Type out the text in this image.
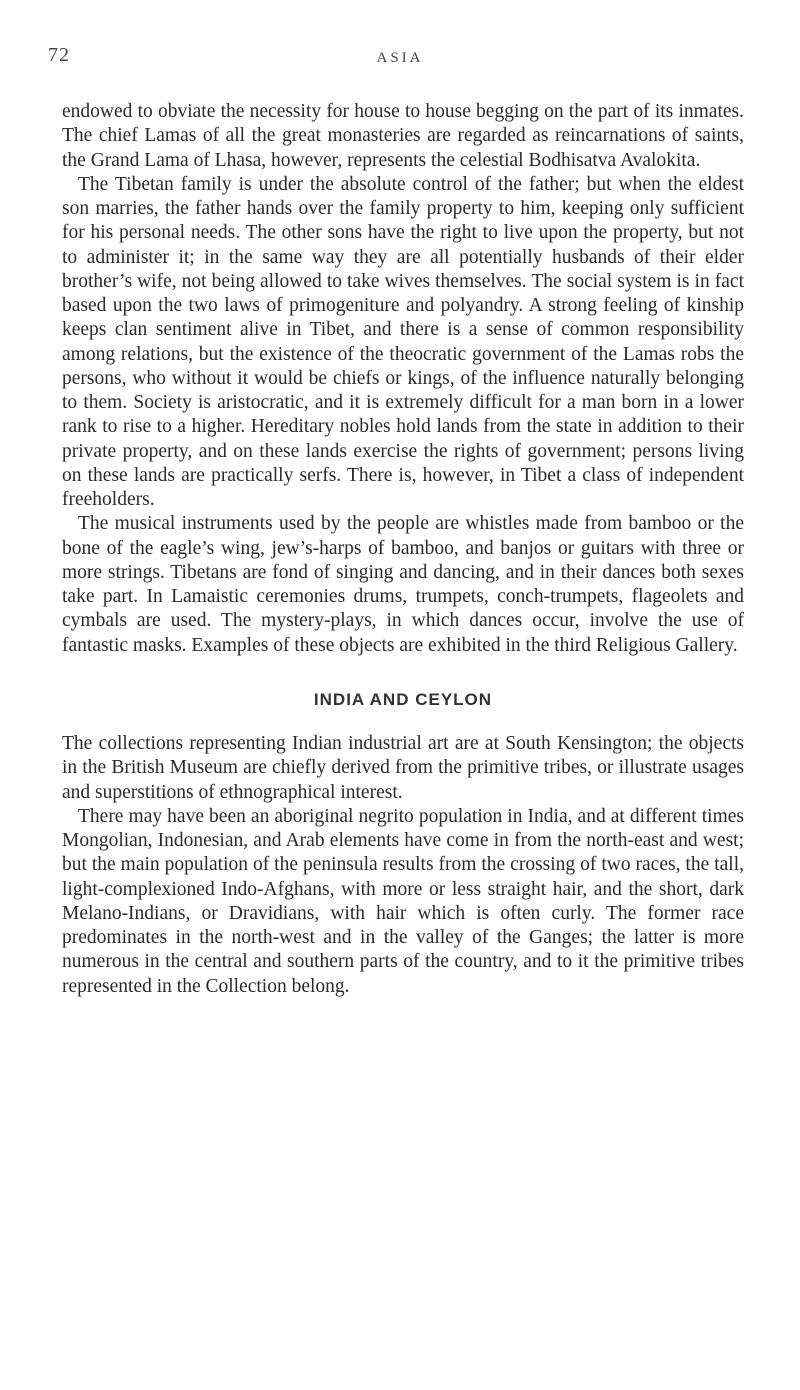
72	ASIA

endowed to obviate the necessity for house to house begging on the part of its inmates. The chief Lamas of all the great monasteries are regarded as reincarnations of saints, the Grand Lama of Lhasa, however, represents the celestial Bodhisatva Avalokita.

The Tibetan family is under the absolute control of the father; but when the eldest son marries, the father hands over the family property to him, keeping only sufficient for his personal needs. The other sons have the right to live upon the property, but not to administer it; in the same way they are all potentially husbands of their elder brother’s wife, not being allowed to take wives themselves. The social system is in fact based upon the two laws of primogeniture and polyandry. A strong feeling of kinship keeps clan sentiment alive in Tibet, and there is a sense of common responsibility among relations, but the existence of the theocratic government of the Lamas robs the persons, who without it would be chiefs or kings, of the influence naturally belonging to them. Society is aristocratic, and it is extremely difficult for a man born in a lower rank to rise to a higher. Hereditary nobles hold lands from the state in addition to their private property, and on these lands exercise the rights of government; persons living on these lands are practically serfs. There is, however, in Tibet a class of independent freeholders.

The musical instruments used by the people are whistles made from bamboo or the bone of the eagle’s wing, jew’s-harps of bamboo, and banjos or guitars with three or more strings. Tibetans are fond of singing and dancing, and in their dances both sexes take part. In Lamaistic ceremonies drums, trumpets, conch-trumpets, flageolets and cymbals are used. The mystery-plays, in which dances occur, involve the use of fantastic masks. Examples of these objects are exhibited in the third Religious Gallery.

INDIA AND CEYLON

The collections representing Indian industrial art are at South Kensington; the objects in the British Museum are chiefly derived from the primitive tribes, or illustrate usages and superstitions of ethnographical interest.

There may have been an aboriginal negrito population in India, and at different times Mongolian, Indonesian, and Arab elements have come in from the north-east and west; but the main population of the peninsula results from the crossing of two races, the tall, light-complexioned Indo-Afghans, with more or less straight hair, and the short, dark Melano-Indians, or Dravidians, with hair which is often curly. The former race predominates in the north-west and in the valley of the Ganges; the latter is more numerous in the central and southern parts of the country, and to it the primitive tribes represented in the Collection belong.
